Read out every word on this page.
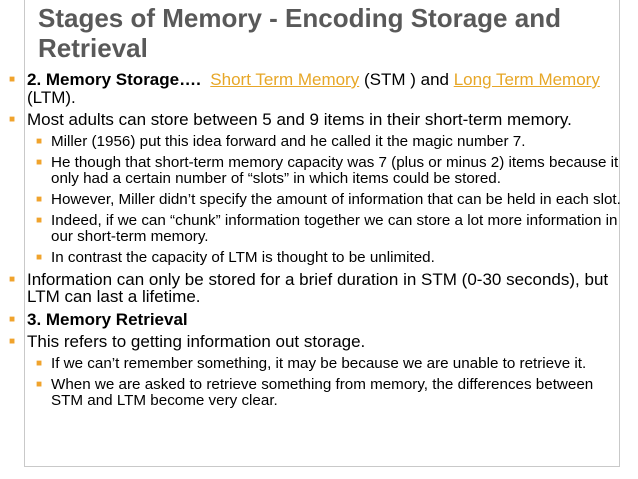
Stages of Memory - Encoding Storage and Retrieval
■ 2. Memory Storage…. Short Term Memory (STM ) and Long Term Memory (LTM).
■ Most adults can store between 5 and 9 items in their short-term memory.
■ Miller (1956) put this idea forward and he called it the magic number 7.
■ He though that short-term memory capacity was 7 (plus or minus 2) items because it only had a certain number of “slots” in which items could be stored.
■ However, Miller didn’t specify the amount of information that can be held in each slot.
■ Indeed, if we can “chunk” information together we can store a lot more information in our short-term memory.
■ In contrast the capacity of LTM is thought to be unlimited.
■ Information can only be stored for a brief duration in STM (0-30 seconds), but LTM can last a lifetime.
■ 3. Memory Retrieval
■ This refers to getting information out storage.
■ If we can’t remember something, it may be because we are unable to retrieve it.
■ When we are asked to retrieve something from memory, the differences between STM and LTM become very clear.
